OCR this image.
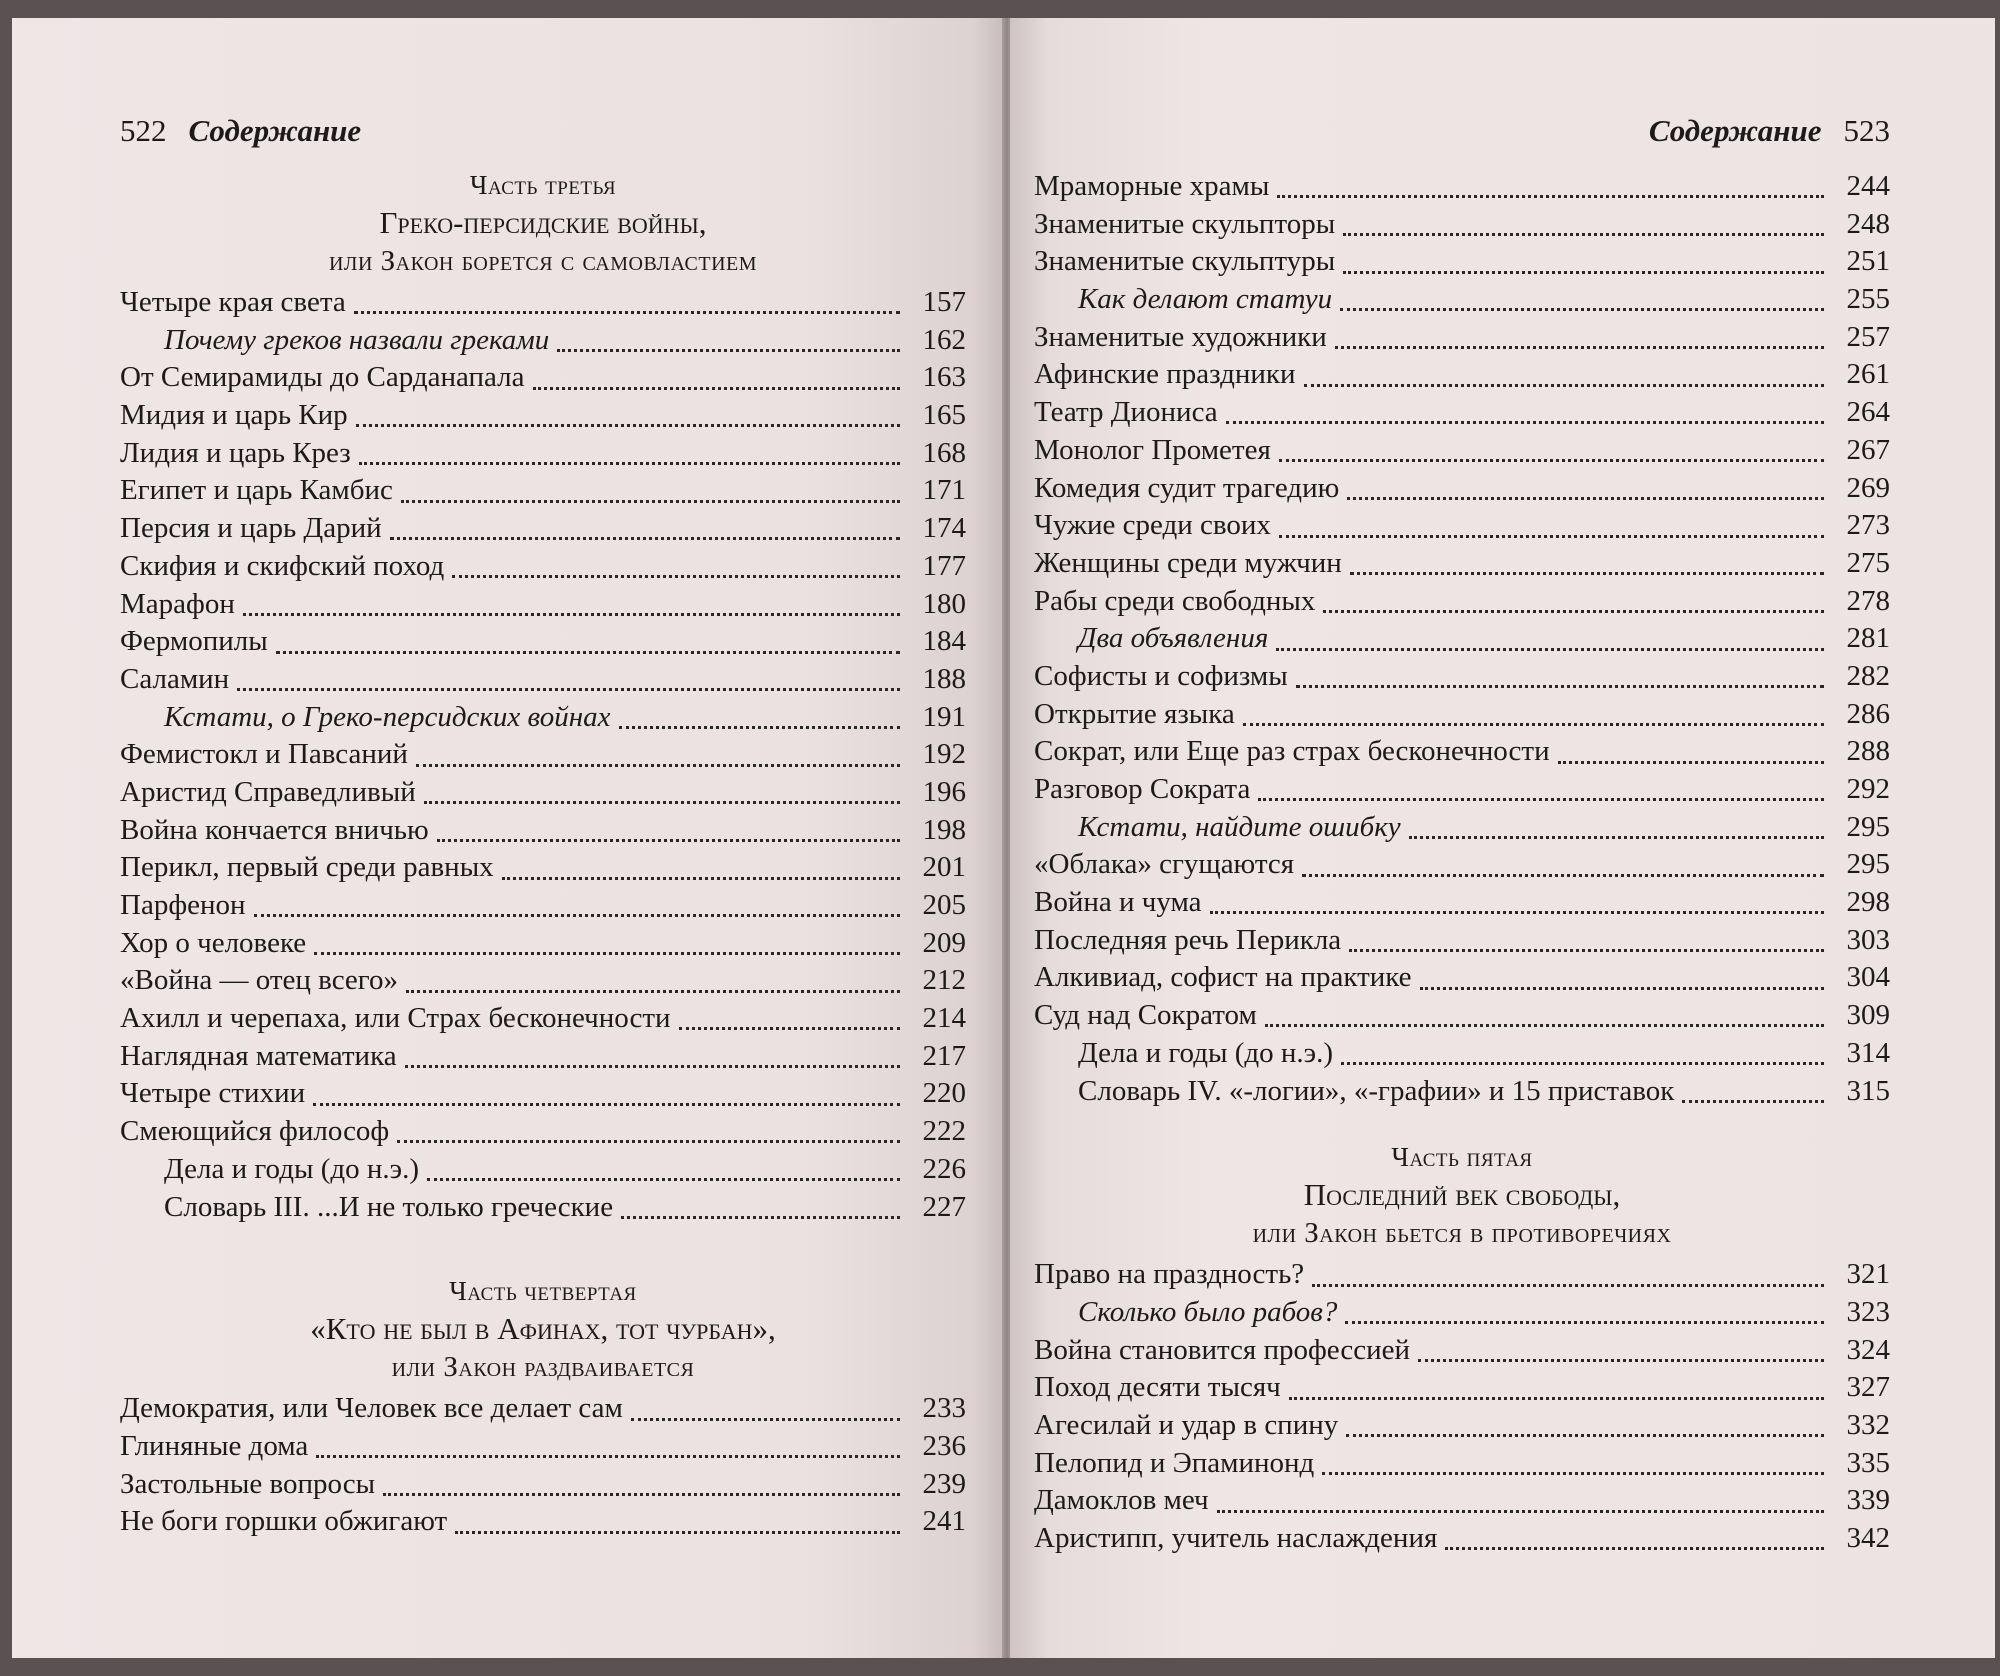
522 Содержание
Часть третья
Греко-персидские войны,
или Закон борется с самовластием
Четыре края света	157
Почему греков назвали греками	162
От Семирамиды до Сарданапала	163
Мидия и царь Кир	165
Лидия и царь Крез	168
Египет и царь Камбис	171
Персия и царь Дарий	174
Скифия и скифский поход	177
Марафон	180
Фермопилы	184
Саламин	188
Кстати, о Греко-персидских войнах	191
Фемистокл и Павсаний	192
Аристид Справедливый	196
Война кончается вничью	198
Перикл, первый среди равных	201
Парфенон	205
Хор о человеке	209
«Война — отец всего»	212
Ахилл и черепаха, или Страх бесконечности	214
Наглядная математика	217
Четыре стихии	220
Смеющийся философ	222
Дела и годы (до н.э.)	226
Словарь III. ...И не только греческие	227
Часть четвертая
«Кто не был в Афинах, тот чурбан»,
или Закон раздваивается
Демократия, или Человек все делает сам	233
Глиняные дома	236
Застольные вопросы	239
Не боги горшки обжигают	241
Содержание 523
Мраморные храмы	244
Знаменитые скульпторы	248
Знаменитые скульптуры	251
Как делают статуи	255
Знаменитые художники	257
Афинские праздники	261
Театр Диониса	264
Монолог Прометея	267
Комедия судит трагедию	269
Чужие среди своих	273
Женщины среди мужчин	275
Рабы среди свободных	278
Два объявления	281
Софисты и софизмы	282
Открытие языка	286
Сократ, или Еще раз страх бесконечности	288
Разговор Сократа	292
Кстати, найдите ошибку	295
«Облака» сгущаются	295
Война и чума	298
Последняя речь Перикла	303
Алкивиад, софист на практике	304
Суд над Сократом	309
Дела и годы (до н.э.)	314
Словарь IV. «-логии», «-графии» и 15 приставок	315
Часть пятая
Последний век свободы,
или Закон бьется в противоречиях
Право на праздность?	321
Сколько было рабов?	323
Война становится профессией	324
Поход десяти тысяч	327
Агесилай и удар в спину	332
Пелопид и Эпаминонд	335
Дамоклов меч	339
Аристипп, учитель наслаждения	342
